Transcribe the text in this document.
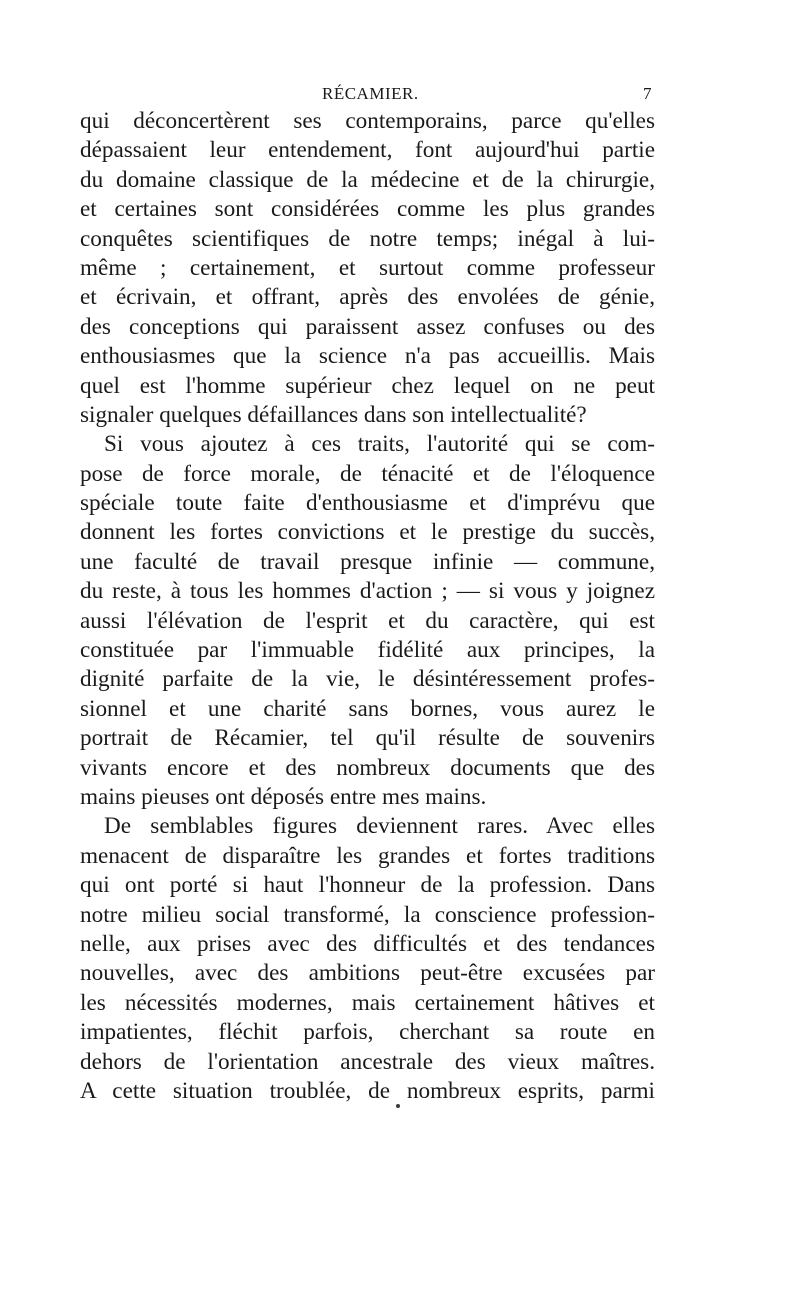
RÉCAMIER.	7
qui déconcertèrent ses contemporains, parce qu'elles
dépassaient leur entendement, font aujourd'hui partie
du domaine classique de la médecine et de la chirurgie,
et certaines sont considérées comme les plus grandes
conquêtes scientifiques de notre temps; inégal à lui-
même ; certainement, et surtout comme professeur
et écrivain, et offrant, après des envolées de génie,
des conceptions qui paraissent assez confuses ou des
enthousiasmes que la science n'a pas accueillis. Mais
quel est l'homme supérieur chez lequel on ne peut
signaler quelques défaillances dans son intellectualité?
Si vous ajoutez à ces traits, l'autorité qui se com-
pose de force morale, de ténacité et de l'éloquence
spéciale toute faite d'enthousiasme et d'imprévu que
donnent les fortes convictions et le prestige du succès,
une faculté de travail presque infinie — commune,
du reste, à tous les hommes d'action ; — si vous y joignez
aussi l'élévation de l'esprit et du caractère, qui est
constituée par l'immuable fidélité aux principes, la
dignité parfaite de la vie, le désintéressement profes-
sionnel et une charité sans bornes, vous aurez le
portrait de Récamier, tel qu'il résulte de souvenirs
vivants encore et des nombreux documents que des
mains pieuses ont déposés entre mes mains.
De semblables figures deviennent rares. Avec elles
menacent de disparaître les grandes et fortes traditions
qui ont porté si haut l'honneur de la profession. Dans
notre milieu social transformé, la conscience profession-
nelle, aux prises avec des difficultés et des tendances
nouvelles, avec des ambitions peut-être excusées par
les nécessités modernes, mais certainement hâtives et
impatientes, fléchit parfois, cherchant sa route en
dehors de l'orientation ancestrale des vieux maîtres.
A cette situation troublée, de nombreux esprits, parmi
